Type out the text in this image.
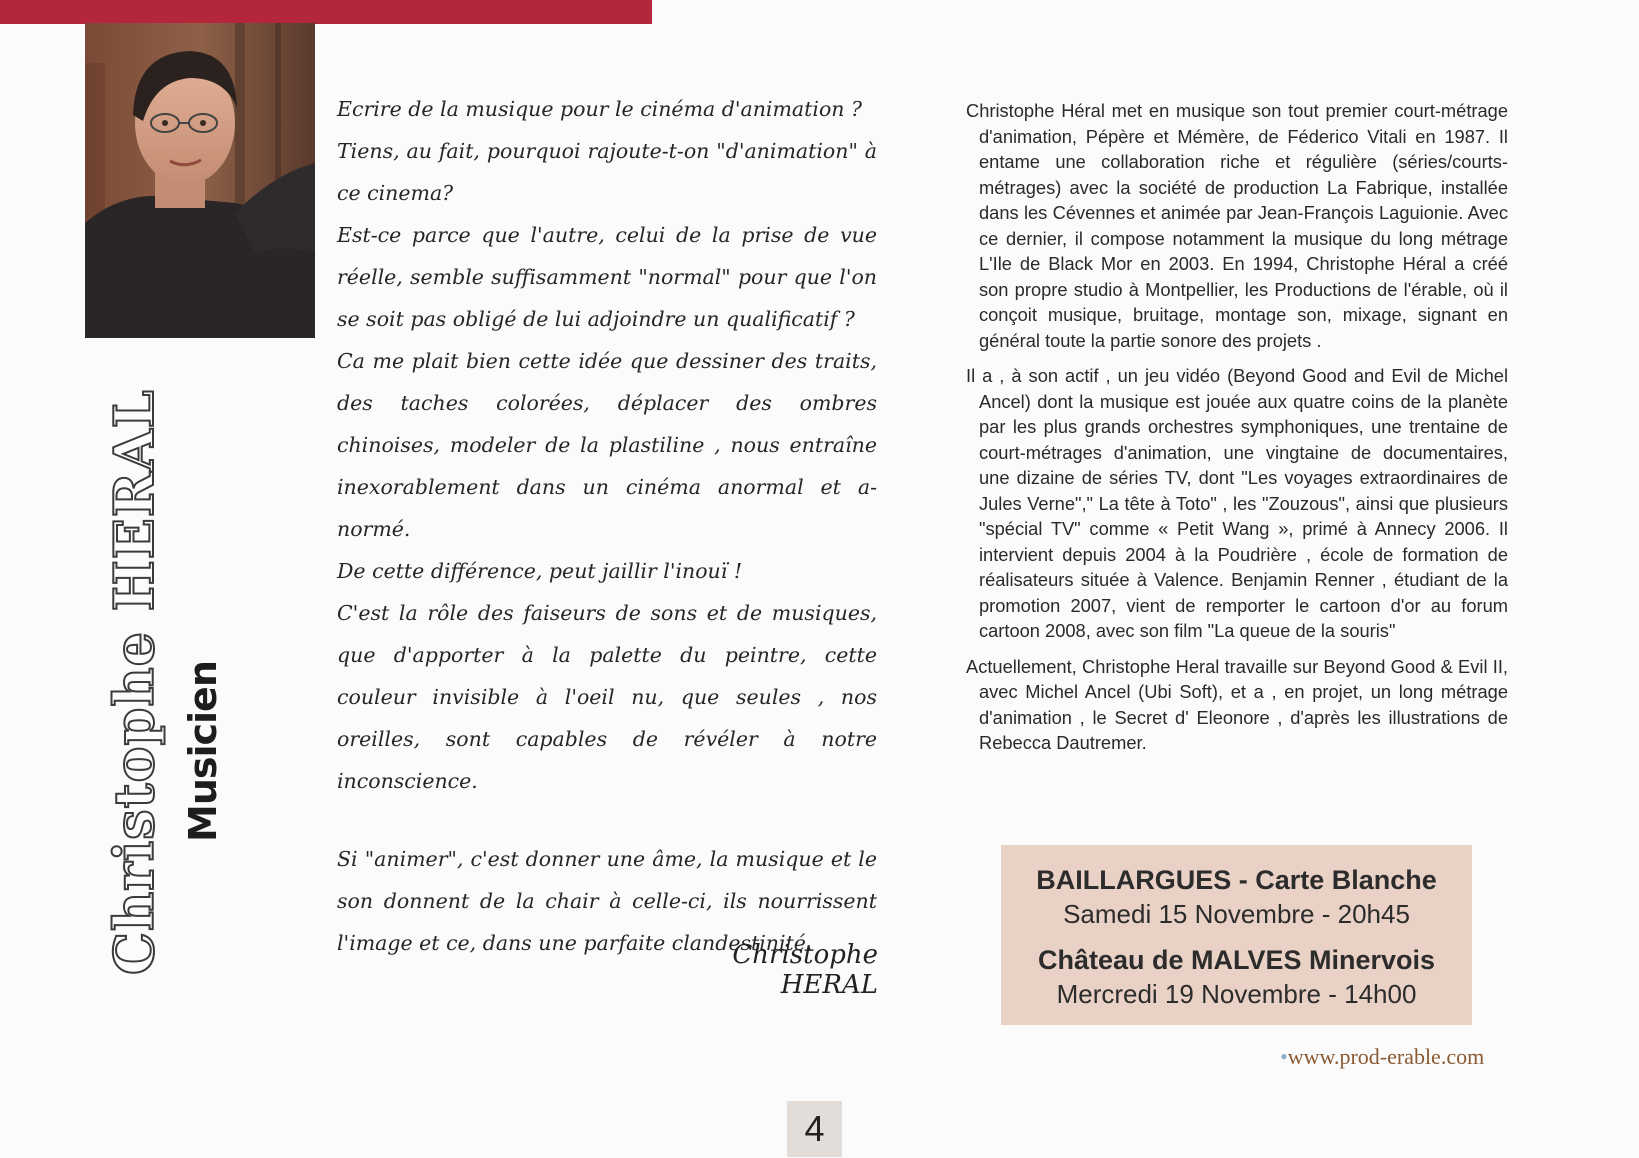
Christophe HERAL Musicien

Ecrire de la musique pour le cinéma d'animation ?

Tiens, au fait, pourquoi rajoute-t-on "d'animation" à ce cinema?

Est-ce parce que l'autre, celui de la prise de vue réelle, semble suffisamment "normal" pour que l'on se soit pas obligé de lui adjoindre un qualificatif ?

Ca me plait bien cette idée que dessiner des traits, des taches colorées, déplacer des ombres chinoises, modeler de la plastiline , nous entraîne inexorablement dans un cinéma anormal et a-normé.

De cette différence, peut jaillir l'inouï !

C'est la rôle des faiseurs de sons et de musiques, que d'apporter à la palette du peintre, cette couleur invisible à l'oeil nu, que seules , nos oreilles, sont capables de révéler à notre inconscience.

Si "animer", c'est donner une âme, la musique et le son donnent de la chair à celle-ci, ils nourrissent l'image et ce, dans une parfaite clandestinité.

Christophe HERAL

Christophe Héral met en musique son tout premier court-métrage d'animation, Pépère et Mémère, de Féderico Vitali en 1987. Il entame une collaboration riche et régulière (séries/courts-métrages) avec la société de production La Fabrique, installée dans les Cévennes et animée par Jean-François Laguionie. Avec ce dernier, il compose notamment la musique du long métrage L'Ile de Black Mor en 2003. En 1994, Christophe Héral a créé son propre studio à Montpellier, les Productions de l'érable, où il conçoit musique, bruitage, montage son, mixage, signant en général toute la partie sonore des projets .

Il a , à son actif , un jeu vidéo (Beyond Good and Evil de Michel Ancel) dont la musique est jouée aux quatre coins de la planète par les plus grands orchestres symphoniques, une trentaine de court-métrages d'animation, une vingtaine de documentaires, une dizaine de séries TV, dont "Les voyages extraordinaires de Jules Verne"," La tête à Toto" , les "Zouzous", ainsi que plusieurs "spécial TV" comme « Petit Wang », primé à Annecy 2006. Il intervient depuis 2004 à la Poudrière , école de formation de réalisateurs située à Valence. Benjamin Renner , étudiant de la promotion 2007, vient de remporter le cartoon d'or au forum cartoon 2008, avec son film "La queue de la souris"

Actuellement, Christophe Heral travaille sur Beyond Good & Evil II, avec Michel Ancel (Ubi Soft), et a , en projet, un long métrage d'animation , le Secret d' Eleonore , d'après les illustrations de Rebecca Dautremer.

BAILLARGUES - Carte Blanche
Samedi 15 Novembre - 20h45
Château de MALVES Minervois
Mercredi 19 Novembre - 14h00
•www.prod-erable.com
4
